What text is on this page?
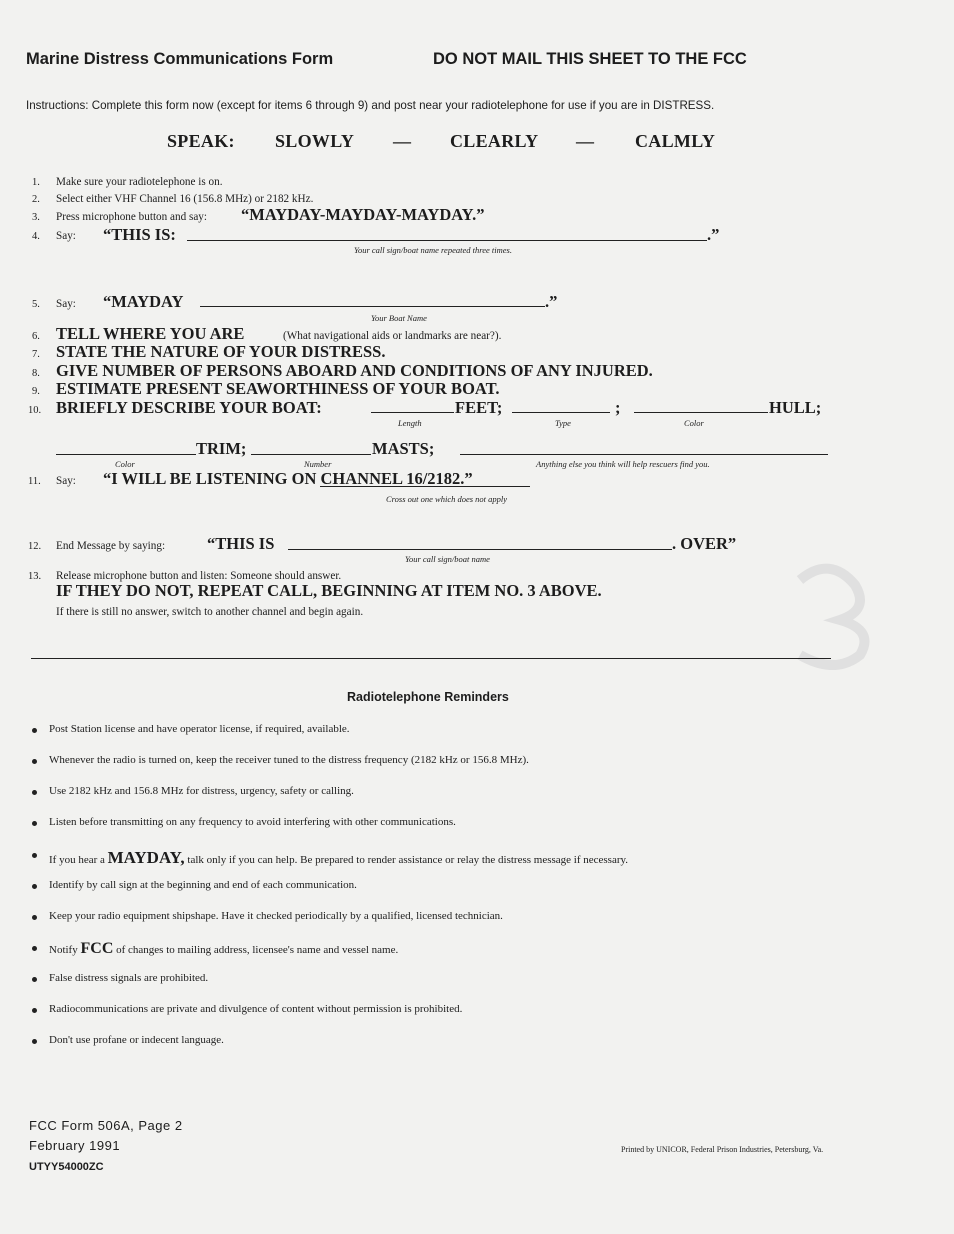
Marine Distress Communications Form	DO NOT MAIL THIS SHEET TO THE FCC
Instructions: Complete this form now (except for items 6 through 9) and post near your radiotelephone for use if you are in DISTRESS.
SPEAK: SLOWLY — CLEARLY — CALMLY
1. Make sure your radiotelephone is on.
2. Select either VHF Channel 16 (156.8 MHz) or 2182 kHz.
3. Press microphone button and say: “MAYDAY-MAYDAY-MAYDAY.”
4. Say: “THIS IS:	.”
Your call sign/boat name repeated three times.
5. Say: “MAYDAY	.”
Your Boat Name
6. TELL WHERE YOU ARE	(What navigational aids or landmarks are near?).
7. STATE THE NATURE OF YOUR DISTRESS.
8. GIVE NUMBER OF PERSONS ABOARD AND CONDITIONS OF ANY INJURED.
9. ESTIMATE PRESENT SEAWORTHINESS OF YOUR BOAT.
10. BRIEFLY DESCRIBE YOUR BOAT:	FEET;	;	HULL;
Length	Type	Color
TRIM;	MASTS;
Color	Number	Anything else you think will help rescuers find you.
11. Say: “I WILL BE LISTENING ON CHANNEL 16/2182.”
Cross out one which does not apply
12. End Message by saying:	“THIS IS	. OVER”
Your call sign/boat name
13. Release microphone button and listen: Someone should answer.
IF THEY DO NOT, REPEAT CALL, BEGINNING AT ITEM NO. 3 ABOVE.
If there is still no answer, switch to another channel and begin again.
Radiotelephone Reminders
Post Station license and have operator license, if required, available.
Whenever the radio is turned on, keep the receiver tuned to the distress frequency (2182 kHz or 156.8 MHz).
Use 2182 kHz and 156.8 MHz for distress, urgency, safety or calling.
Listen before transmitting on any frequency to avoid interfering with other communications.
If you hear a MAYDAY, talk only if you can help. Be prepared to render assistance or relay the distress message if necessary.
Identify by call sign at the beginning and end of each communication.
Keep your radio equipment shipshape. Have it checked periodically by a qualified, licensed technician.
Notify FCC of changes to mailing address, licensee's name and vessel name.
False distress signals are prohibited.
Radiocommunications are private and divulgence of content without permission is prohibited.
Don't use profane or indecent language.
FCC Form 506A, Page 2
February 1991
UTYY54000ZC
Printed by UNICOR, Federal Prison Industries, Petersburg, Va.
